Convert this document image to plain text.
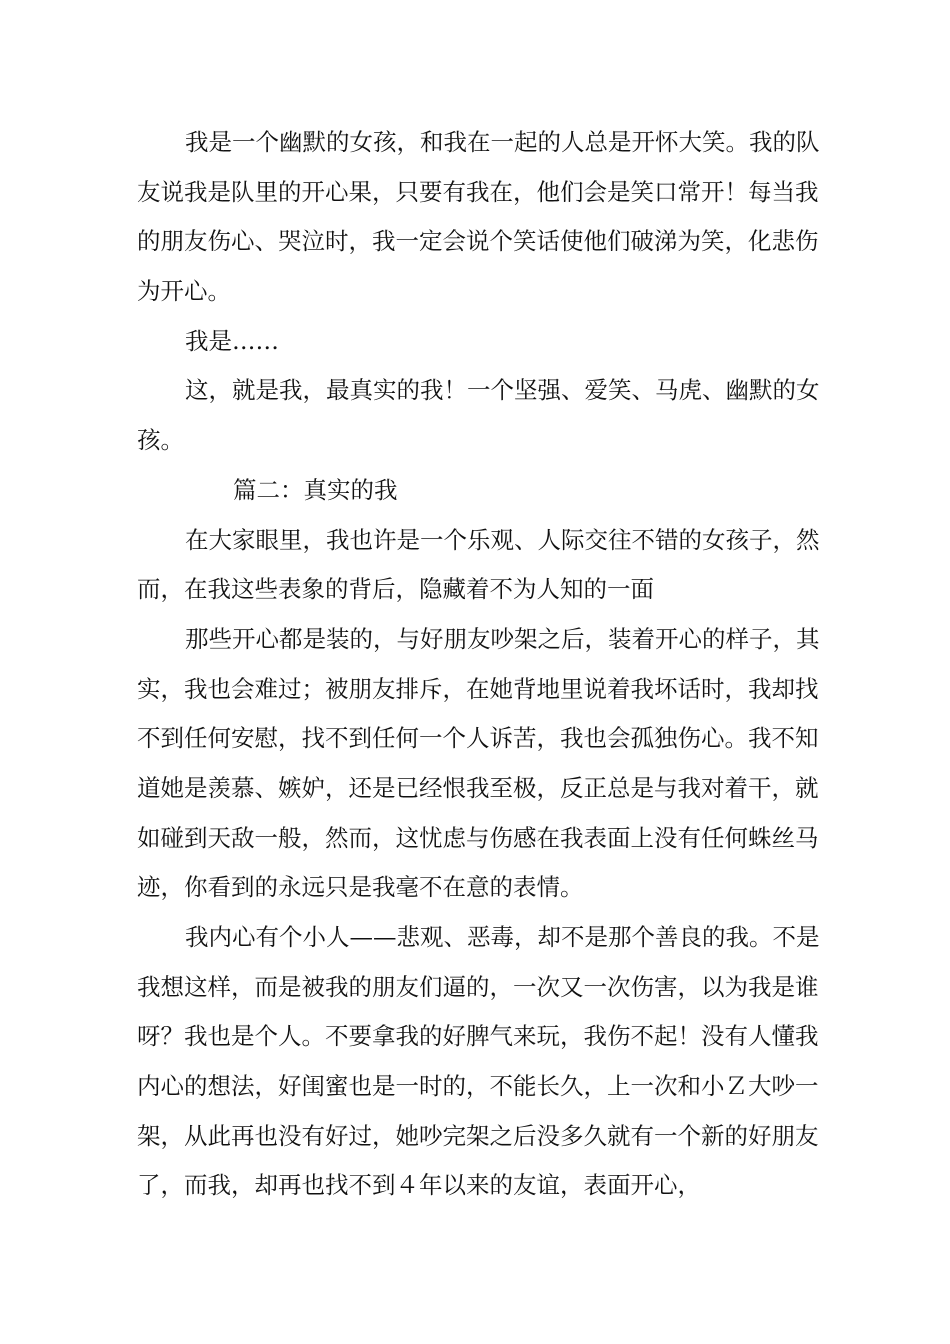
我是一个幽默的女孩，和我在一起的人总是开怀大笑。我的队
友说我是队里的开心果，只要有我在，他们会是笑口常开！每当我
的朋友伤心、哭泣时，我一定会说个笑话使他们破涕为笑，化悲伤
为开心。
我是……
这，就是我，最真实的我！一个坚强、爱笑、马虎、幽默的女
孩。
篇二：真实的我
在大家眼里，我也许是一个乐观、人际交往不错的女孩子，然
而，在我这些表象的背后，隐藏着不为人知的一面
那些开心都是装的，与好朋友吵架之后，装着开心的样子，其
实，我也会难过；被朋友排斥，在她背地里说着我坏话时，我却找
不到任何安慰，找不到任何一个人诉苦，我也会孤独伤心。我不知
道她是羡慕、嫉妒，还是已经恨我至极，反正总是与我对着干，就
如碰到天敌一般，然而，这忧虑与伤感在我表面上没有任何蛛丝马
迹，你看到的永远只是我毫不在意的表情。
我内心有个小人——悲观、恶毒，却不是那个善良的我。不是
我想这样，而是被我的朋友们逼的，一次又一次伤害，以为我是谁
呀？我也是个人。不要拿我的好脾气来玩，我伤不起！没有人懂我
内心的想法，好闺蜜也是一时的，不能长久，上一次和小Ｚ大吵一
架，从此再也没有好过，她吵完架之后没多久就有一个新的好朋友
了，而我，却再也找不到４年以来的友谊，表面开心，
